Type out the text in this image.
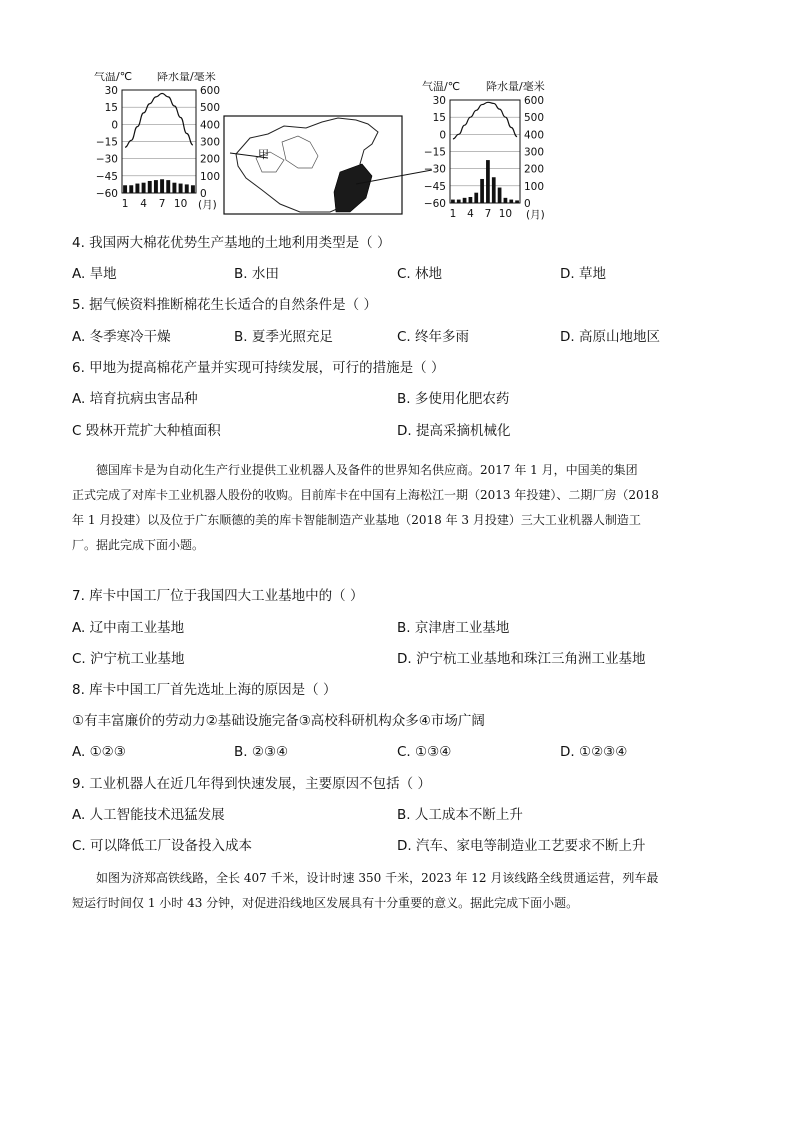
气温/℃ 降水量/毫米
30	600
15	500
0	400
−15	300
−30	200
−45	100
−60	0
1 4 7 10 (月)
甲
气温/℃ 降水量/毫米
30	600
15	500
0	400
−15	300
−30	200
−45	100
−60	0
1 4 7 10 (月)
4. 我国两大棉花优势生产基地的土地利用类型是（ ）
A. 旱地	B. 水田	C. 林地	D. 草地
5. 据气候资料推断棉花生长适合的自然条件是（ ）
A. 冬季寒冷干燥	B. 夏季光照充足	C. 终年多雨	D. 高原山地地区
6. 甲地为提高棉花产量并实现可持续发展，可行的措施是（ ）
A. 培育抗病虫害品种	B. 多使用化肥农药
C 毁林开荒扩大种植面积	D. 提高采摘机械化

德国库卡是为自动化生产行业提供工业机器人及备件的世界知名供应商。2017 年 1 月，中国美的集团

正式完成了对库卡工业机器人股份的收购。目前库卡在中国有上海松江一期（2013 年投建）、二期厂房（2018

年 1 月投建）以及位于广东顺德的美的库卡智能制造产业基地（2018 年 3 月投建）三大工业机器人制造工

厂。据此完成下面小题。

7. 库卡中国工厂位于我国四大工业基地中的（ ）
A. 辽中南工业基地	B. 京津唐工业基地
C. 沪宁杭工业基地	D. 沪宁杭工业基地和珠江三角洲工业基地
8. 库卡中国工厂首先选址上海的原因是（ ）
①有丰富廉价的劳动力②基础设施完备③高校科研机构众多④市场广阔
A. ①②③	B. ②③④	C. ①③④	D. ①②③④
9. 工业机器人在近几年得到快速发展，主要原因不包括（ ）
A. 人工智能技术迅猛发展	B. 人工成本不断上升
C. 可以降低工厂设备投入成本	D. 汽车、家电等制造业工艺要求不断上升

如图为济郑高铁线路，全长 407 千米，设计时速 350 千米，2023 年 12 月该线路全线贯通运营，列车最

短运行时间仅 1 小时 43 分钟，对促进沿线地区发展具有十分重要的意义。据此完成下面小题。
